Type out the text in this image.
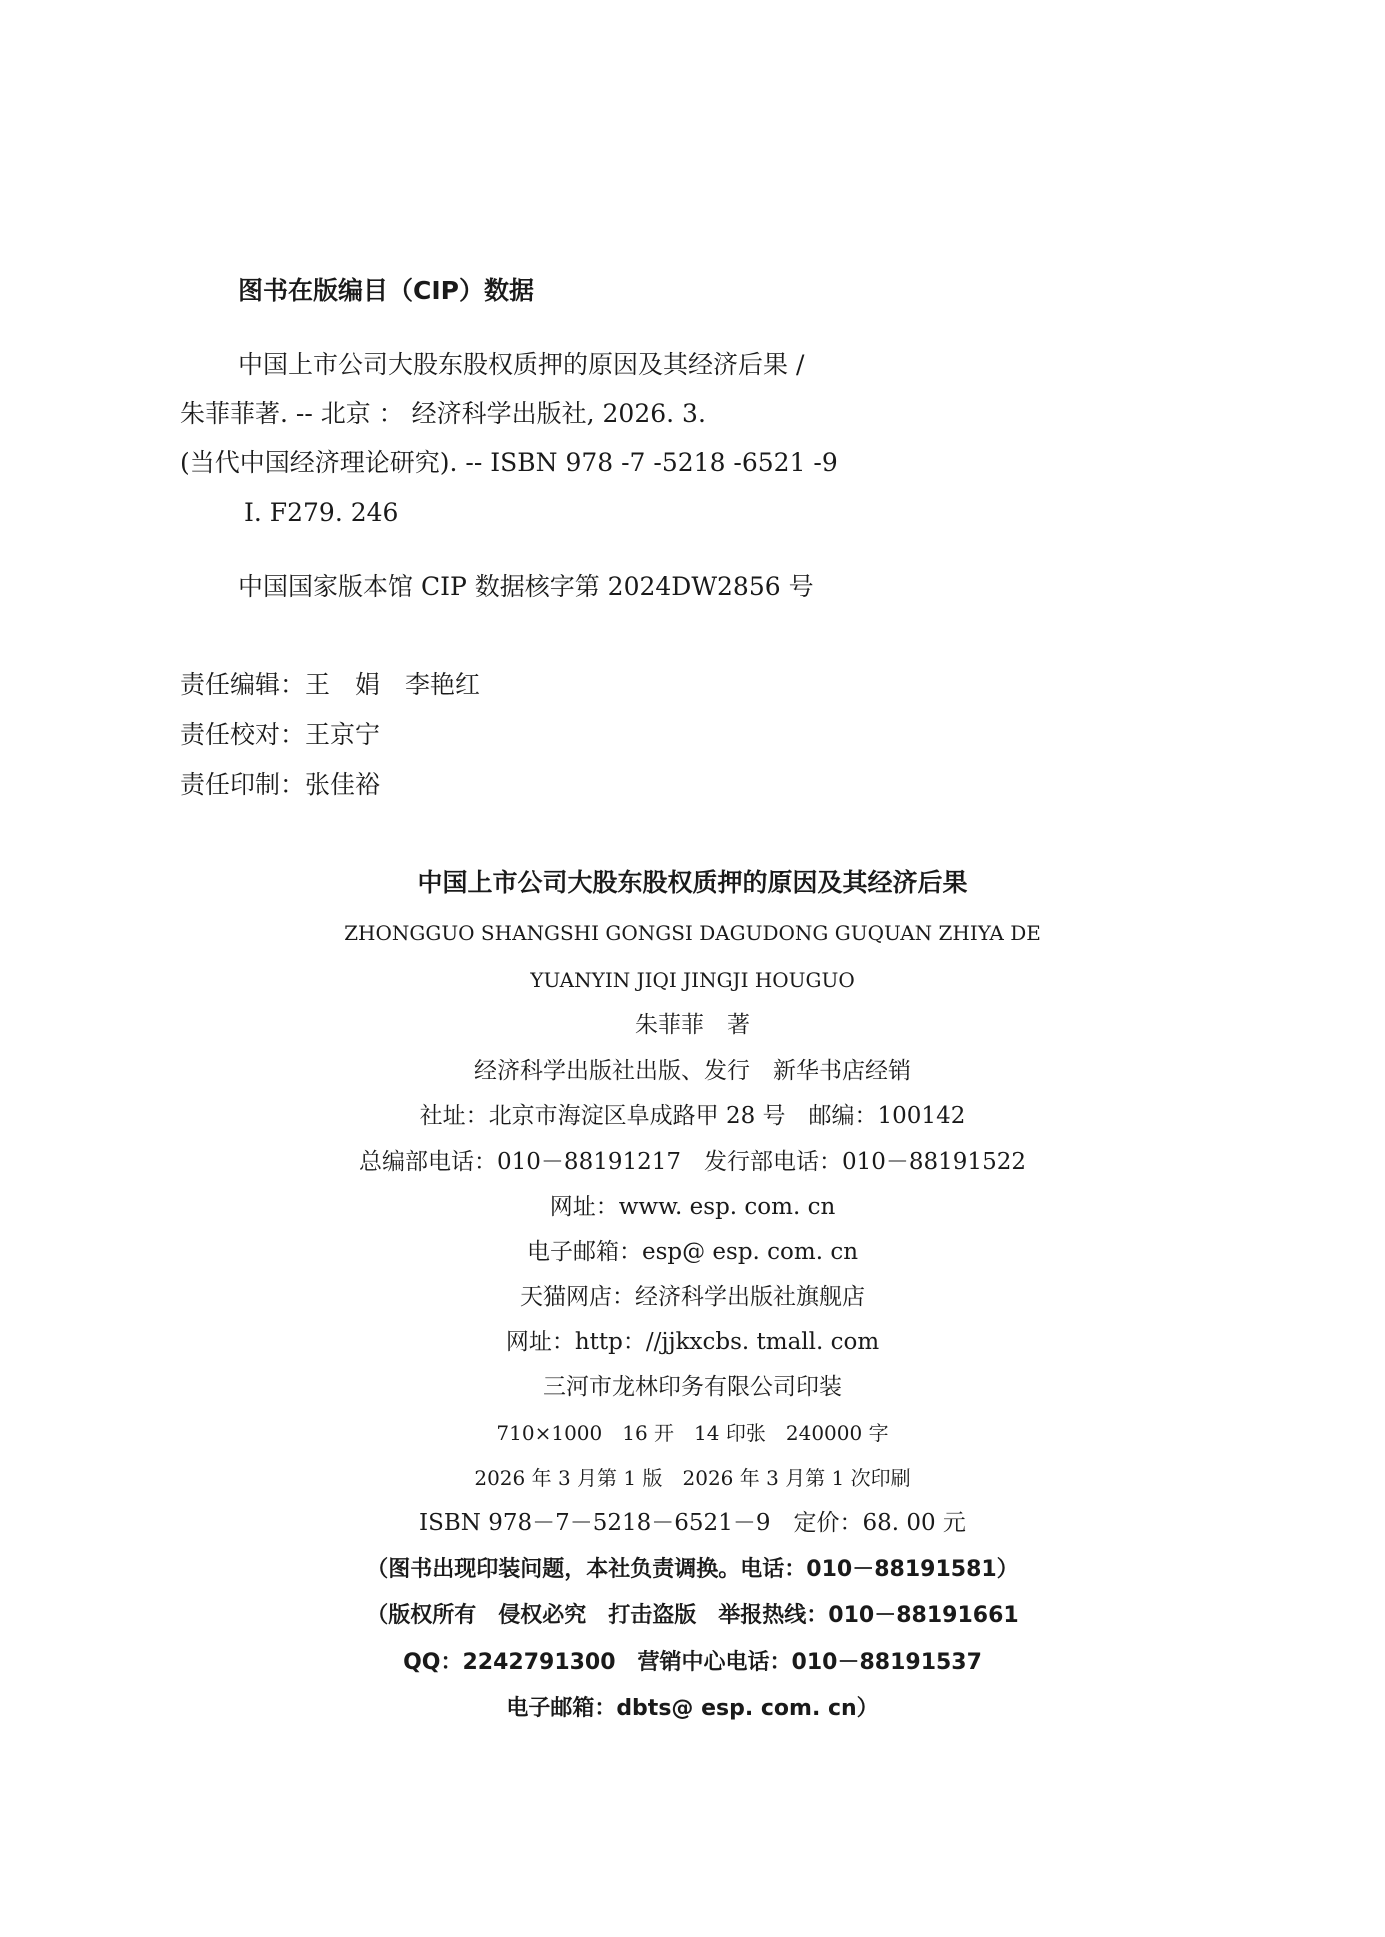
图书在版编目（CIP）数据
中国上市公司大股东股权质押的原因及其经济后果 /
朱菲菲著. -- 北京 ： 经济科学出版社, 2026. 3.
(当代中国经济理论研究). -- ISBN 978 -7 -5218 -6521 -9
Ⅰ. F279. 246
中国国家版本馆 CIP 数据核字第 2024DW2856 号
责任编辑：王　娟　李艳红
责任校对：王京宁
责任印制：张佳裕
中国上市公司大股东股权质押的原因及其经济后果
ZHONGGUO SHANGSHI GONGSI DAGUDONG GUQUAN ZHIYA DE
YUANYIN JIQI JINGJI HOUGUO
朱菲菲　著
经济科学出版社出版、发行　新华书店经销
社址：北京市海淀区阜成路甲 28 号　邮编：100142
总编部电话：010－88191217　发行部电话：010－88191522
网址：www. esp. com. cn
电子邮箱：esp@ esp. com. cn
天猫网店：经济科学出版社旗舰店
网址：http：//jjkxcbs. tmall. com
三河市龙林印务有限公司印装
710×1000　16 开　14 印张　240000 字
2026 年 3 月第 1 版　2026 年 3 月第 1 次印刷
ISBN 978－7－5218－6521－9　定价：68. 00 元
（图书出现印装问题，本社负责调换。电话：010－88191581）
（版权所有　侵权必究　打击盗版　举报热线：010－88191661
QQ：2242791300　营销中心电话：010－88191537
电子邮箱：dbts@ esp. com. cn）
